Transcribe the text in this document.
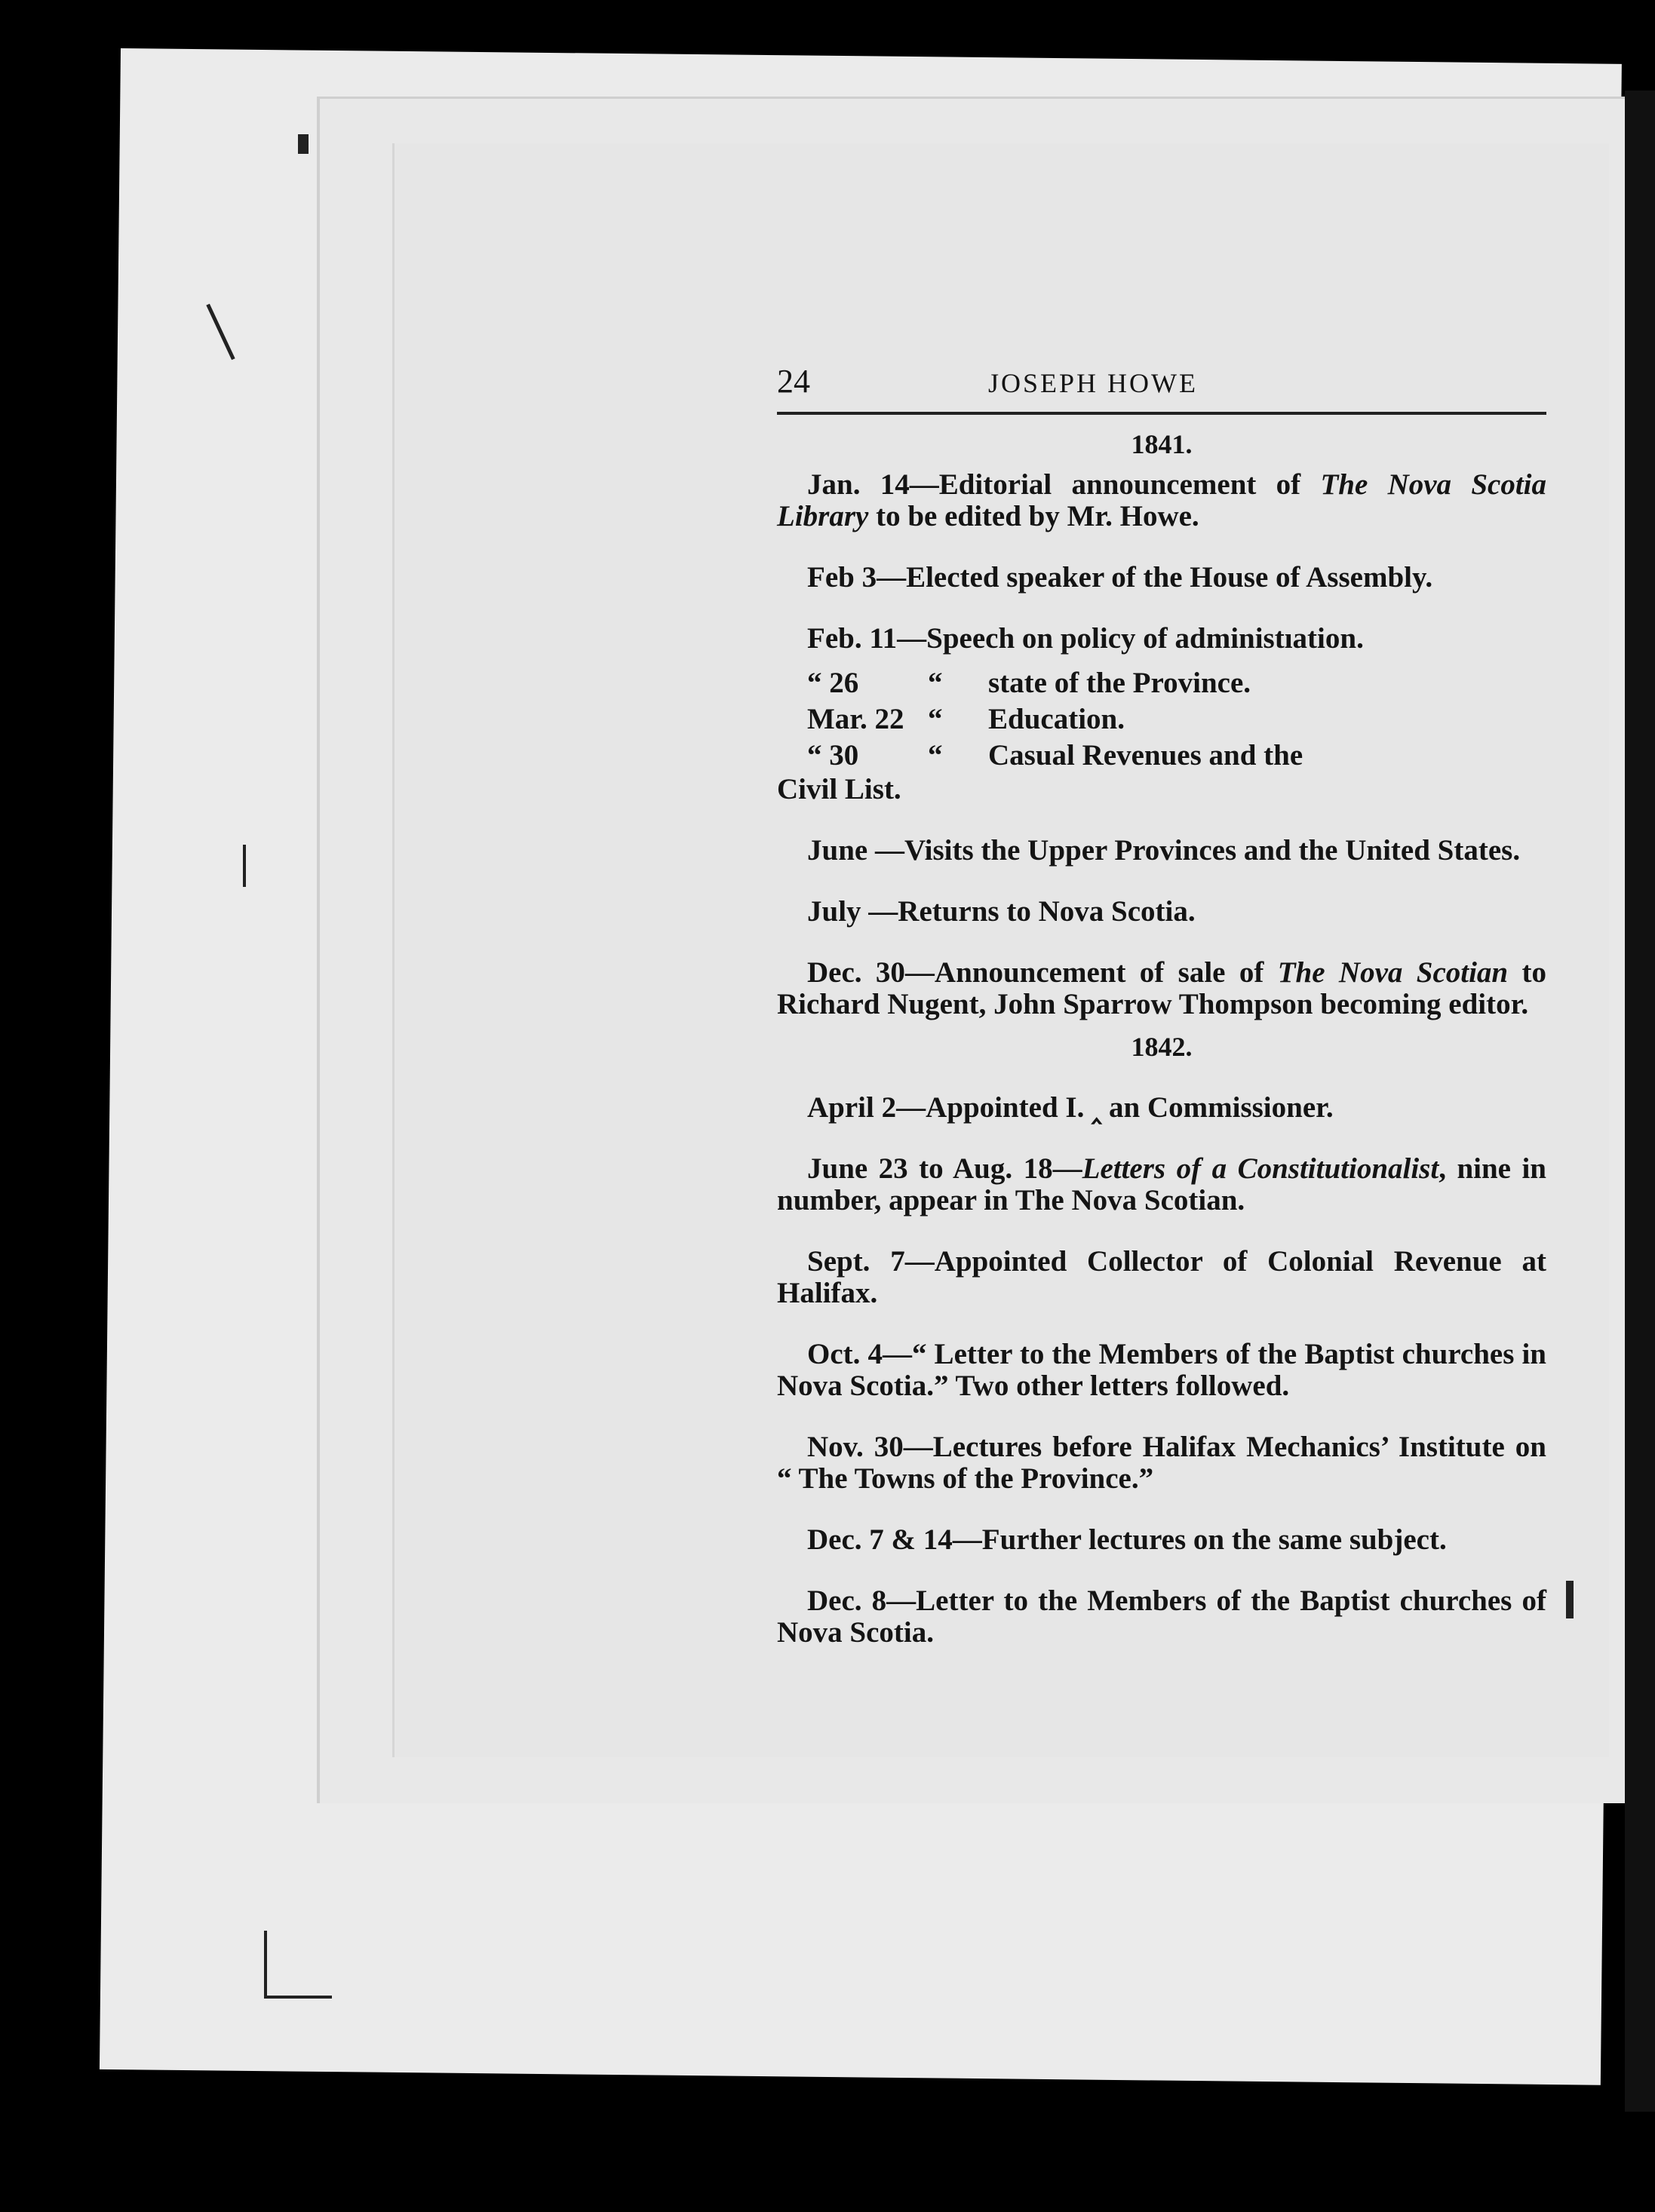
24	JOSEPH HOWE
1841.

Jan. 14—Editorial announcement of The Nova Scotia Library to be edited by Mr. Howe.

Feb 3—Elected speaker of the House of Assembly.

Feb. 11—Speech on policy of administıation.

“ 26	“	state of the Province.
Mar. 22 “	Education.
“ 30	“	Casual Revenues and the
Civil List.

June —Visits the Upper Provinces and the United States.

July —Returns to Nova Scotia.

Dec. 30—Announcement of sale of The Nova Scotian to Richard Nugent, John Sparrow Thompson becoming editor.

1842.

April 2—Appointed I. ‸ an Commissioner.

June 23 to Aug. 18—Letters of a Constitutionalist, nine in number, appear in The Nova Scotian.

Sept. 7—Appointed Collector of Colonial Revenue at Halifax.

Oct. 4—“ Letter to the Members of the Baptist churches in Nova Scotia.” Two other letters followed.

Nov. 30—Lectures before Halifax Mechanics’ Institute on “ The Towns of the Province.”

Dec. 7 & 14—Further lectures on the same subject.

Dec. 8—Letter to the Members of the Baptist churches of Nova Scotia.
